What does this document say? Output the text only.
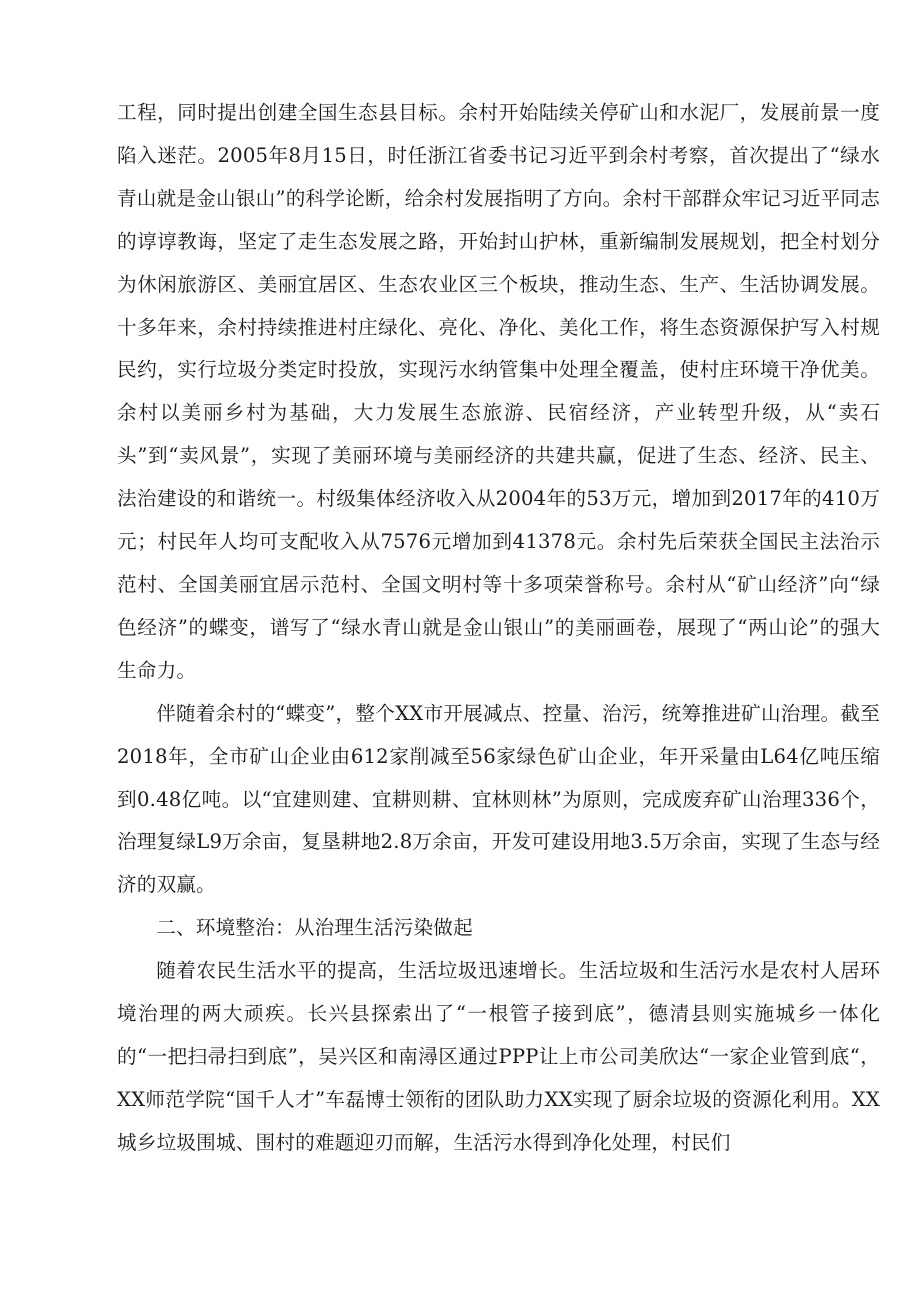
工程，同时提出创建全国生态县目标。余村开始陆续关停矿山和水泥厂，发展前景一度陷入迷茫。2005年8月15日，时任浙江省委书记习近平到余村考察，首次提出了“绿水青山就是金山银山”的科学论断，给余村发展指明了方向。余村干部群众牢记习近平同志的谆谆教诲，坚定了走生态发展之路，开始封山护林，重新编制发展规划，把全村划分为休闲旅游区、美丽宜居区、生态农业区三个板块，推动生态、生产、生活协调发展。十多年来，余村持续推进村庄绿化、亮化、净化、美化工作，将生态资源保护写入村规民约，实行垃圾分类定时投放，实现污水纳管集中处理全覆盖，使村庄环境干净优美。余村以美丽乡村为基础，大力发展生态旅游、民宿经济，产业转型升级，从“卖石头”到“卖风景”，实现了美丽环境与美丽经济的共建共赢，促进了生态、经济、民主、法治建设的和谐统一。村级集体经济收入从2004年的53万元，增加到2017年的410万元；村民年人均可支配收入从7576元增加到41378元。余村先后荣获全国民主法治示范村、全国美丽宜居示范村、全国文明村等十多项荣誉称号。余村从“矿山经济”向“绿色经济”的蝶变，谱写了“绿水青山就是金山银山”的美丽画卷，展现了“两山论”的强大生命力。

伴随着余村的“蝶变”，整个XX市开展减点、控量、治污，统筹推进矿山治理。截至2018年，全市矿山企业由612家削减至56家绿色矿山企业，年开采量由L64亿吨压缩到0.48亿吨。以“宜建则建、宜耕则耕、宜林则林”为原则，完成废弃矿山治理336个，治理复绿L9万余亩，复垦耕地2.8万余亩，开发可建设用地3.5万余亩，实现了生态与经济的双赢。

二、环境整治：从治理生活污染做起

随着农民生活水平的提高，生活垃圾迅速增长。生活垃圾和生活污水是农村人居环境治理的两大顽疾。长兴县探索出了“一根管子接到底”，德清县则实施城乡一体化的“一把扫帚扫到底”，吴兴区和南潯区通过PPP让上市公司美欣达“一家企业管到底“，XX师范学院“国千人才”车磊博士领衔的团队助力XX实现了厨余垃圾的资源化利用。XX城乡垃圾围城、围村的难题迎刃而解，生活污水得到净化处理，村民们
